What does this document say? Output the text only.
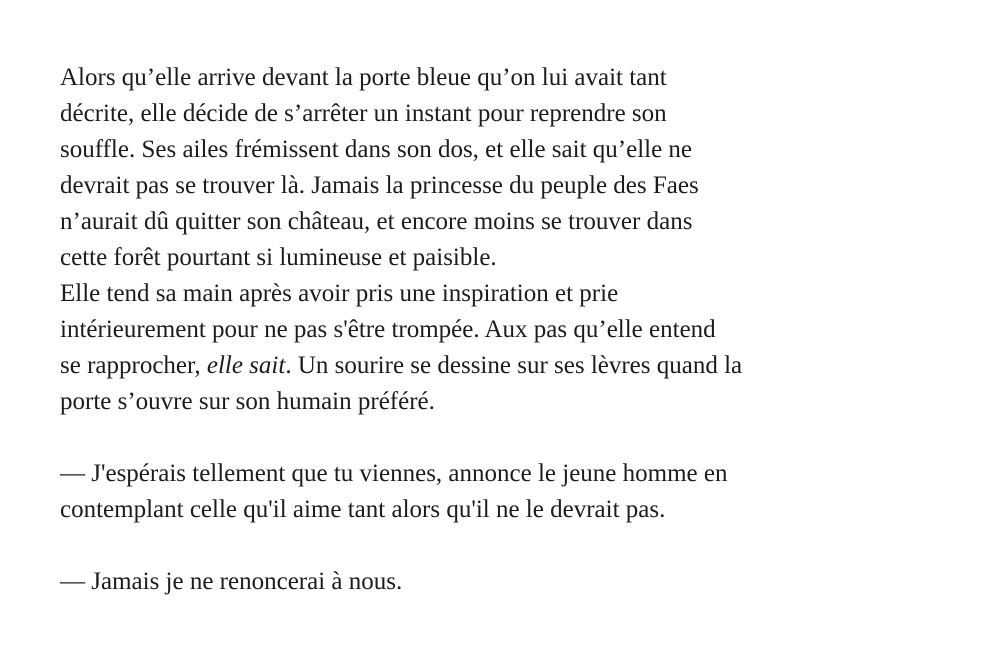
Alors qu’elle arrive devant la porte bleue qu’on lui avait tant
décrite, elle décide de s’arrêter un instant pour reprendre son
souffle. Ses ailes frémissent dans son dos, et elle sait qu’elle ne
devrait pas se trouver là. Jamais la princesse du peuple des Faes
n’aurait dû quitter son château, et encore moins se trouver dans
cette forêt pourtant si lumineuse et paisible.

Elle tend sa main après avoir pris une inspiration et prie
intérieurement pour ne pas s'être trompée. Aux pas qu’elle entend
se rapprocher, elle sait. Un sourire se dessine sur ses lèvres quand la
porte s’ouvre sur son humain préféré.

— J'espérais tellement que tu viennes, annonce le jeune homme en
contemplant celle qu'il aime tant alors qu'il ne le devrait pas.

— Jamais je ne renoncerai à nous.
